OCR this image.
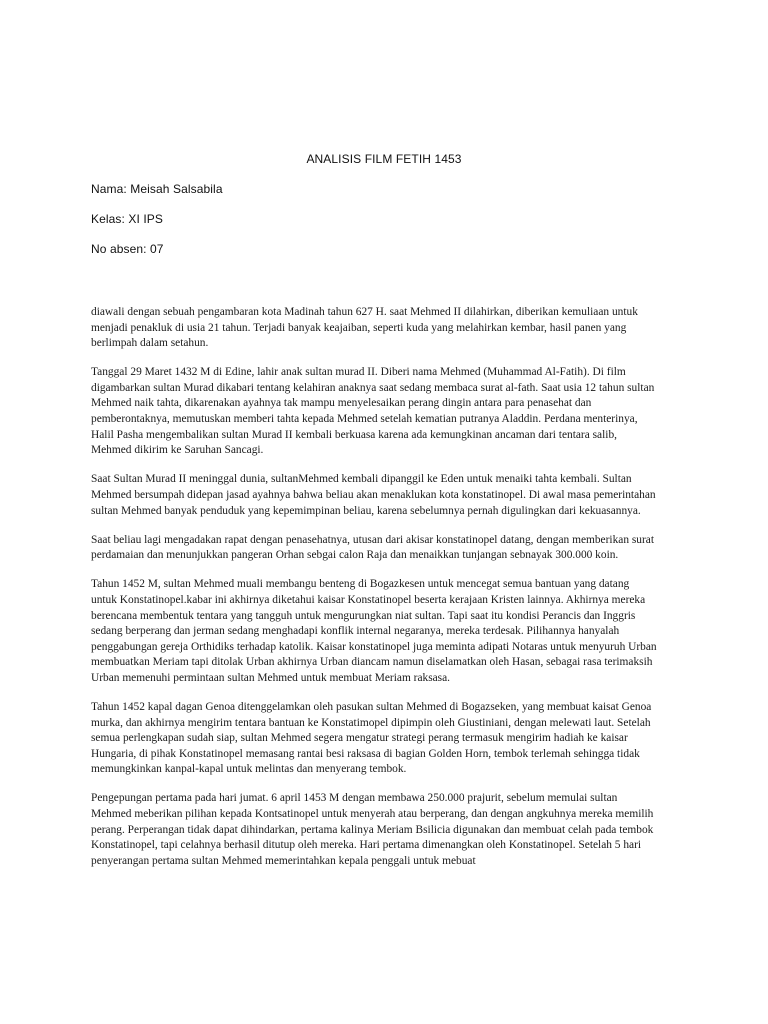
ANALISIS FILM FETIH 1453
Nama: Meisah Salsabila
Kelas: XI IPS
No absen: 07

diawali dengan sebuah pengambaran kota Madinah tahun 627 H. saat Mehmed II dilahirkan, diberikan kemuliaan untuk menjadi penakluk di usia 21 tahun. Terjadi banyak keajaiban, seperti kuda yang melahirkan kembar, hasil panen yang berlimpah dalam setahun.

Tanggal 29 Maret 1432 M di Edine, lahir anak sultan murad II. Diberi nama Mehmed (Muhammad Al-Fatih). Di film digambarkan sultan Murad dikabari tentang kelahiran anaknya saat sedang membaca surat al-fath. Saat usia 12 tahun sultan Mehmed naik tahta, dikarenakan ayahnya tak mampu menyelesaikan perang dingin antara para penasehat dan pemberontaknya, memutuskan memberi tahta kepada Mehmed setelah kematian putranya Aladdin. Perdana menterinya, Halil Pasha mengembalikan sultan Murad II kembali berkuasa karena ada kemungkinan ancaman dari tentara salib, Mehmed dikirim ke Saruhan Sancagi.

Saat Sultan Murad II meninggal dunia, sultanMehmed kembali dipanggil ke Eden untuk menaiki tahta kembali. Sultan Mehmed bersumpah didepan jasad ayahnya bahwa beliau akan menaklukan kota konstatinopel. Di awal masa pemerintahan sultan Mehmed banyak penduduk yang kepemimpinan beliau, karena sebelumnya pernah digulingkan dari kekuasannya.

Saat beliau lagi mengadakan rapat dengan penasehatnya, utusan dari akisar konstatinopel datang, dengan memberikan surat perdamaian dan menunjukkan pangeran Orhan sebgai calon Raja dan menaikkan tunjangan sebnayak 300.000 koin.

Tahun 1452 M, sultan Mehmed muali membangu benteng di Bogazkesen untuk mencegat semua bantuan yang datang untuk Konstatinopel.kabar ini akhirnya diketahui kaisar Konstatinopel beserta kerajaan Kristen lainnya. Akhirnya mereka berencana membentuk tentara yang tangguh untuk mengurungkan niat sultan. Tapi saat itu kondisi Perancis dan Inggris sedang berperang dan jerman sedang menghadapi konflik internal negaranya, mereka terdesak. Pilihannya hanyalah penggabungan gereja Orthidiks terhadap katolik. Kaisar konstatinopel juga meminta adipati Notaras untuk menyuruh Urban membuatkan Meriam tapi ditolak Urban akhirnya Urban diancam namun diselamatkan oleh Hasan, sebagai rasa terimaksih Urban memenuhi permintaan sultan Mehmed untuk membuat Meriam raksasa.

Tahun 1452 kapal dagan Genoa ditenggelamkan oleh pasukan sultan Mehmed di Bogazseken, yang membuat kaisat Genoa murka, dan akhirnya mengirim tentara bantuan ke Konstatimopel dipimpin oleh Giustiniani, dengan melewati laut. Setelah semua perlengkapan sudah siap, sultan Mehmed segera mengatur strategi perang termasuk mengirim hadiah ke kaisar Hungaria, di pihak Konstatinopel memasang rantai besi raksasa di bagian Golden Horn, tembok terlemah sehingga tidak memungkinkan kanpal-kapal untuk melintas dan menyerang tembok.

Pengepungan pertama pada hari jumat. 6 april 1453 M dengan membawa 250.000 prajurit, sebelum memulai sultan Mehmed meberikan pilihan kepada Kontsatinopel untuk menyerah atau berperang, dan dengan angkuhnya mereka memilih perang. Perperangan tidak dapat dihindarkan, pertama kalinya Meriam Bsilicia digunakan dan membuat celah pada tembok Konstatinopel, tapi celahnya berhasil ditutup oleh mereka. Hari pertama dimenangkan oleh Konstatinopel. Setelah 5 hari penyerangan pertama sultan Mehmed memerintahkan kepala penggali untuk mebuat
